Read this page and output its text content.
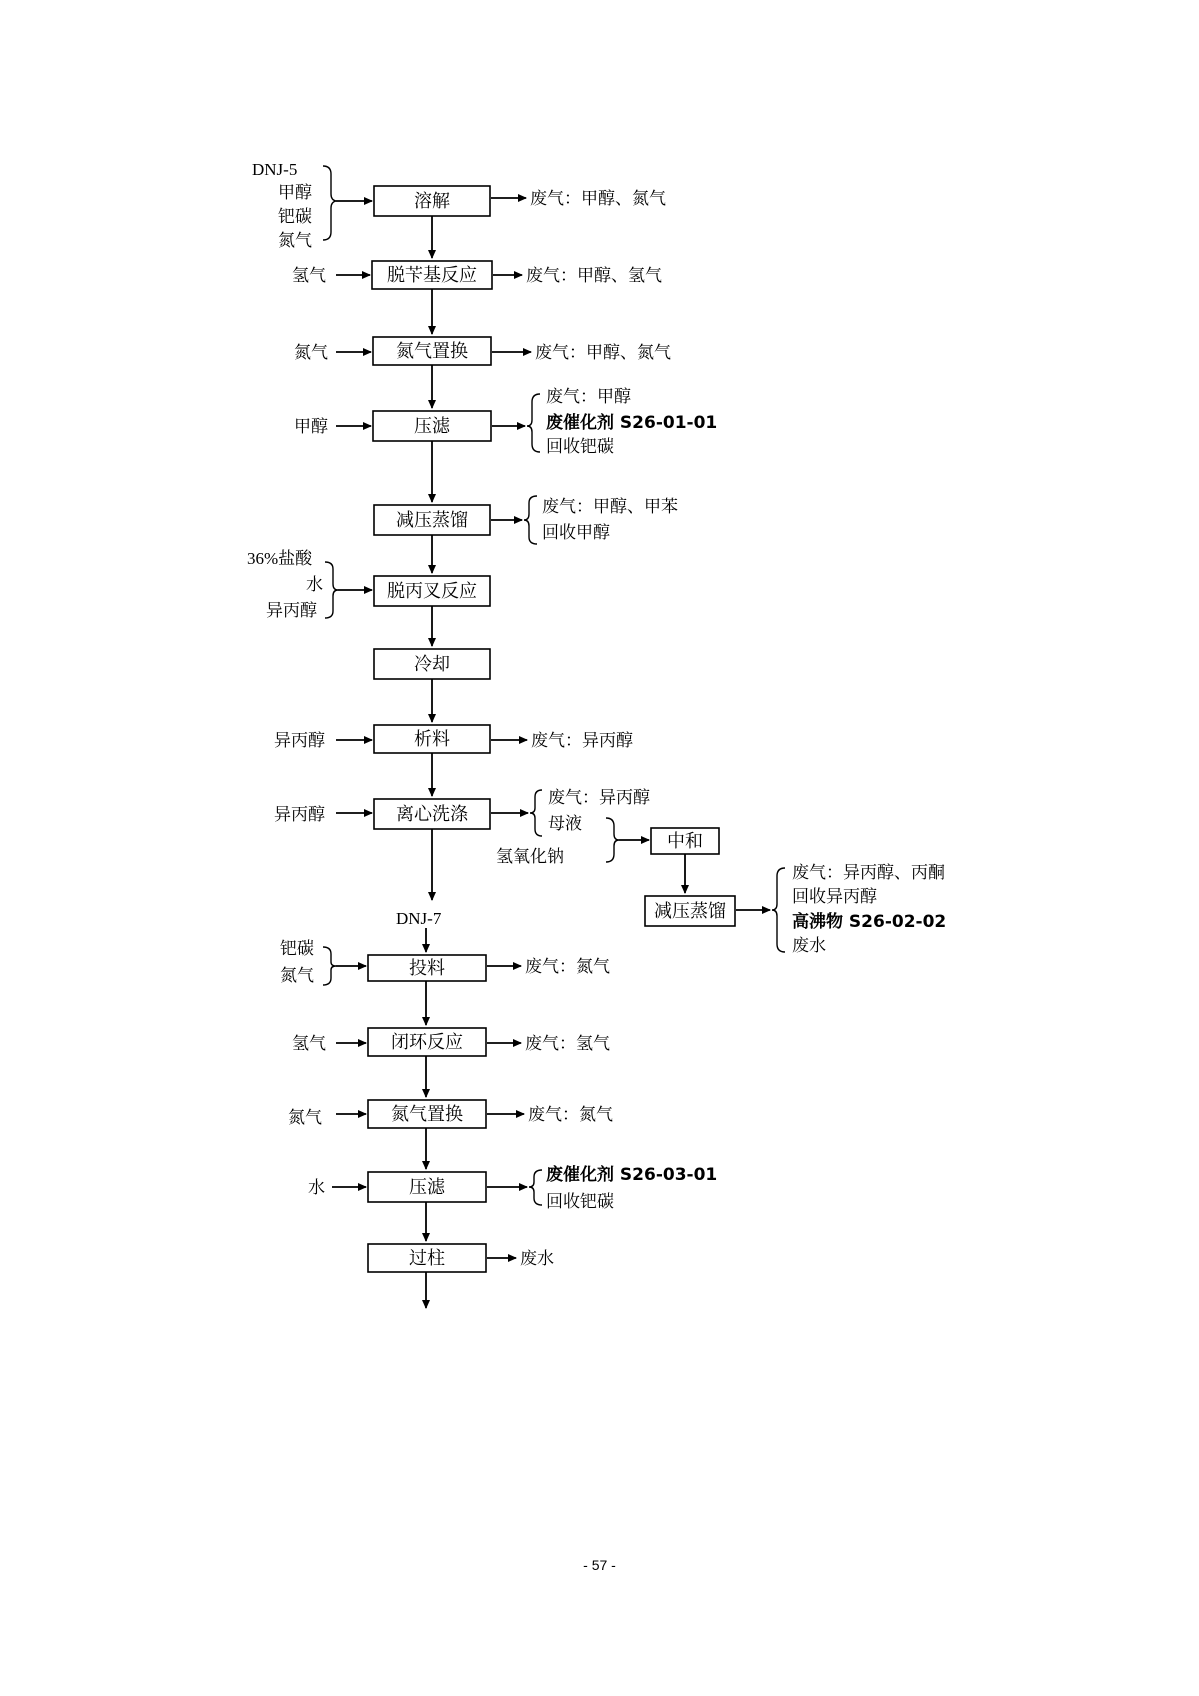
DNJ-5
甲醇
钯碳
氮气
溶解	废气：甲醇、氮气
氢气	脱苄基反应	废气：甲醇、氢气
氮气	氮气置换	废气：甲醇、氮气
甲醇	压滤
废气：甲醇
废催化剂 S26-01-01
回收钯碳
减压蒸馏
废气：甲醇、甲苯
回收甲醇
36%盐酸
水
异丙醇
脱丙叉反应
冷却
异丙醇	析料	废气：异丙醇
异丙醇	离心洗涤
废气：异丙醇
母液
氢氧化钠
中和
减压蒸馏
废气：异丙醇、丙酮
回收异丙醇
高沸物 S26-02-02
废水
DNJ-7
钯碳
氮气	投料	废气：氮气
氢气	闭环反应	废气：氢气
氮气	氮气置换	废气：氮气
水	压滤
废催化剂 S26-03-01
回收钯碳
过柱	废水
- 57 -
